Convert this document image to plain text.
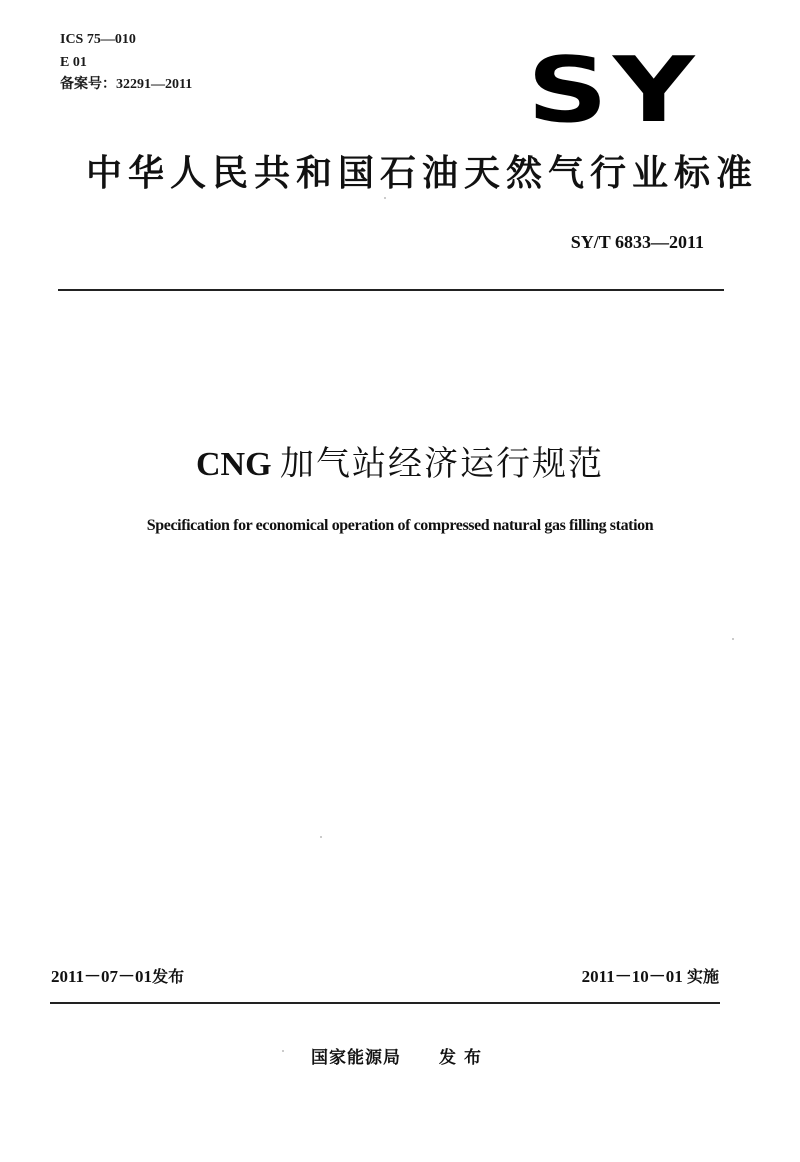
ICS 75—010
E 01
备案号：32291—2011	SY
中华人民共和国石油天然气行业标准
SY/T 6833—2011
CNG 加气站经济运行规范
Specification for economical operation of compressed natural gas filling station
2011－07－01发布	2011－10－01 实施
国家能源局 发布
